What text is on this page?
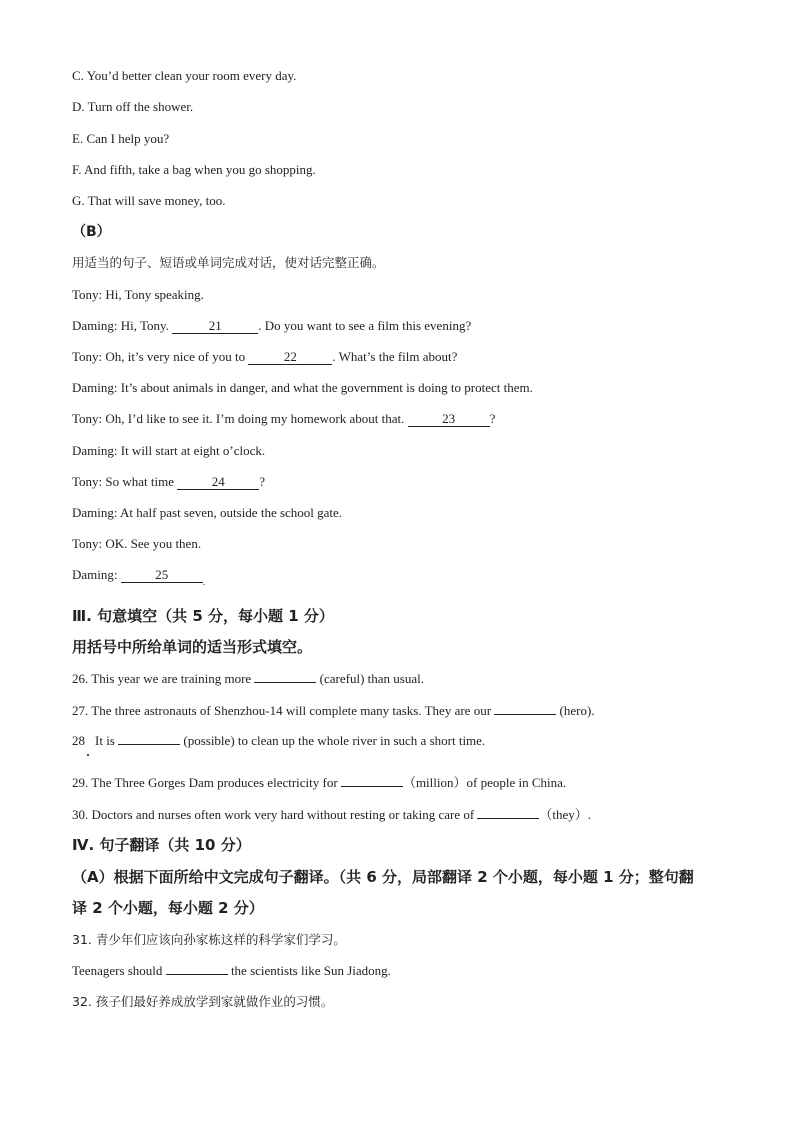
C. You’d better clean your room every day.
D. Turn off the shower.
E. Can I help you?
F. And fifth, take a bag when you go shopping.
G. That will save money, too.
（B）
用适当的句子、短语或单词完成对话，使对话完整正确。
Tony: Hi, Tony speaking.
Daming: Hi, Tony.	21	. Do you want to see a film this evening?
Tony: Oh, it’s very nice of you to	22	. What’s the film about?
Daming: It’s about animals in danger, and what the government is doing to protect them.
Tony: Oh, I’d like to see it. I’m doing my homework about that.	23	?
Daming: It will start at eight o’clock.
Tony: So what time	24	?
Daming: At half past seven, outside the school gate.
Tony: OK. See you then.
Daming:	25	$_.$
Ⅲ. 句意填空（共 5 分，每小题 1 分）
用括号中所给单词的适当形式填空。
26. This year we are training more	(careful) than usual.
27. The three astronauts of Shenzhou-14 will complete many tasks. They are our	(hero).
28 It is	(possible) to clean up the whole river in such a short time.
29. The Three Gorges Dam produces electricity for	（million）of people in China.
30. Doctors and nurses often work very hard without resting or taking care of	（they）.
Ⅳ. 句子翻译（共 10 分）
（A）根据下面所给中文完成句子翻译。（共 6 分，局部翻译 2 个小题，每小题 1 分；整句翻
译 2 个小题，每小题 2 分）
31. 青少年们应该向孙家栋这样的科学家们学习。
Teenagers should	the scientists like Sun Jiadong.
32. 孩子们最好养成放学到家就做作业的习惯。
